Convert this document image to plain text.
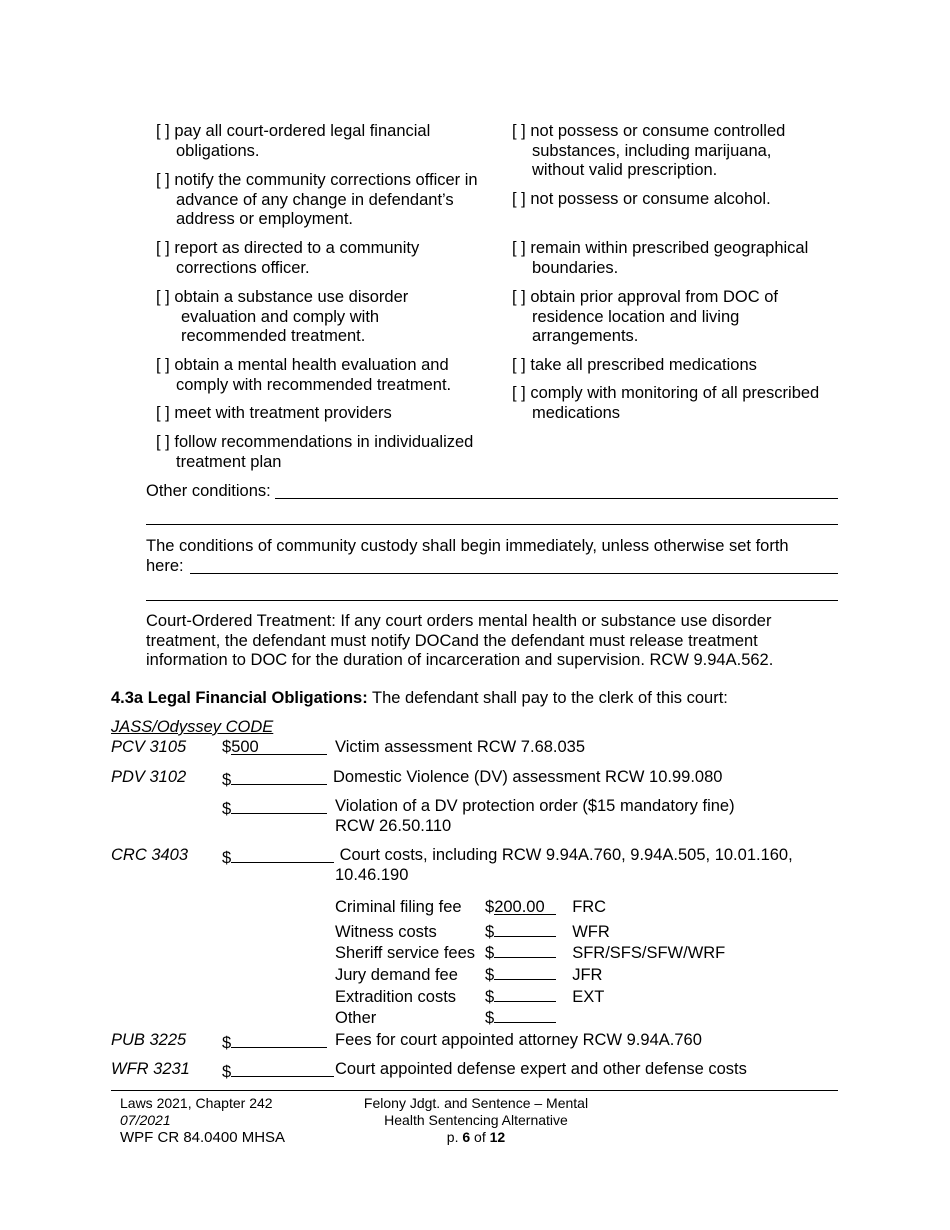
[ ] pay all court-ordered legal financial
obligations.
[ ] notify the community corrections officer in
advance of any change in defendant’s
address or employment.
[ ] report as directed to a community
corrections officer.
[ ] obtain a substance use disorder
evaluation and comply with
recommended treatment.
[ ] obtain a mental health evaluation and
comply with recommended treatment.
[ ] meet with treatment providers
[ ] follow recommendations in individualized
treatment plan
[ ] not possess or consume controlled
substances, including marijuana,
without valid prescription.
[ ] not possess or consume alcohol.
[ ] remain within prescribed geographical
boundaries.
[ ] obtain prior approval from DOC of
residence location and living
arrangements.
[ ] take all prescribed medications
[ ] comply with monitoring of all prescribed
medications
Other conditions:
The conditions of community custody shall begin immediately, unless otherwise set forth
here:
Court-Ordered Treatment: If any court orders mental health or substance use disorder
treatment, the defendant must notify DOCand the defendant must release treatment
information to DOC for the duration of incarceration and supervision. RCW 9.94A.562.
4.3a Legal Financial Obligations: The defendant shall pay to the clerk of this court:
JASS/Odyssey CODE
PCV 3105 $500	Victim assessment RCW 7.68.035
PDV 3102 $	Domestic Violence (DV) assessment RCW 10.99.080
$	Violation of a DV protection order ($15 mandatory fine)
RCW 26.50.110
CRC 3403 $	Court costs, including RCW 9.94A.760, 9.94A.505, 10.01.160,
10.46.190
Criminal filing fee $200.00 FRC
Witness costs	$	WFR
Sheriff service fees $	SFR/SFS/SFW/WRF
Jury demand fee $	JFR
Extradition costs $	EXT
Other	$
PUB 3225 $	Fees for court appointed attorney RCW 9.94A.760
WFR 3231 $	Court appointed defense expert and other defense costs
Laws 2021, Chapter 242
07/2021
WPF CR 84.0400 MHSA
Felony Jdgt. and Sentence – Mental
Health Sentencing Alternative
p. 6 of 12
